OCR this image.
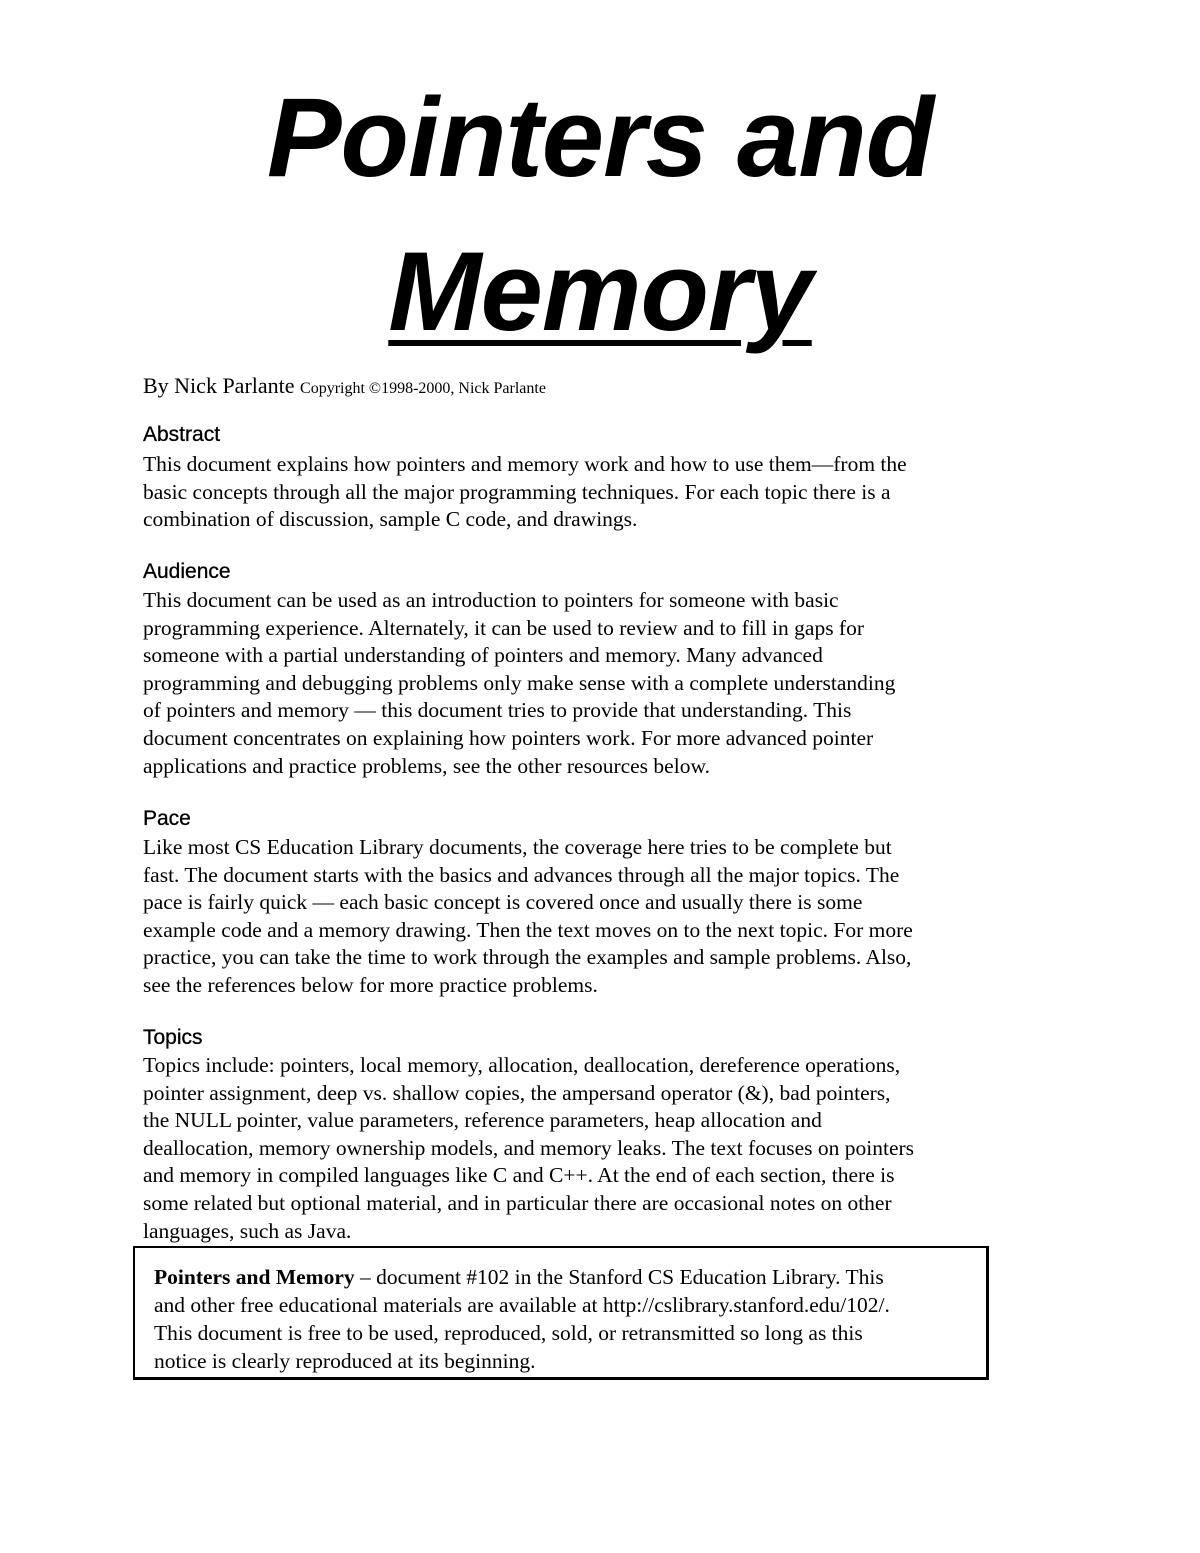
Pointers and
Memory
By Nick Parlante Copyright ©1998-2000, Nick Parlante
Abstract
This document explains how pointers and memory work and how to use them—from the
basic concepts through all the major programming techniques. For each topic there is a
combination of discussion, sample C code, and drawings.
Audience
This document can be used as an introduction to pointers for someone with basic
programming experience. Alternately, it can be used to review and to fill in gaps for
someone with a partial understanding of pointers and memory. Many advanced
programming and debugging problems only make sense with a complete understanding
of pointers and memory — this document tries to provide that understanding. This
document concentrates on explaining how pointers work. For more advanced pointer
applications and practice problems, see the other resources below.
Pace
Like most CS Education Library documents, the coverage here tries to be complete but
fast. The document starts with the basics and advances through all the major topics. The
pace is fairly quick — each basic concept is covered once and usually there is some
example code and a memory drawing. Then the text moves on to the next topic. For more
practice, you can take the time to work through the examples and sample problems. Also,
see the references below for more practice problems.
Topics
Topics include: pointers, local memory, allocation, deallocation, dereference operations,
pointer assignment, deep vs. shallow copies, the ampersand operator (&), bad pointers,
the NULL pointer, value parameters, reference parameters, heap allocation and
deallocation, memory ownership models, and memory leaks. The text focuses on pointers
and memory in compiled languages like C and C++. At the end of each section, there is
some related but optional material, and in particular there are occasional notes on other
languages, such as Java.
Pointers and Memory – document #102 in the Stanford CS Education Library. This
and other free educational materials are available at http://cslibrary.stanford.edu/102/.
This document is free to be used, reproduced, sold, or retransmitted so long as this
notice is clearly reproduced at its beginning.
